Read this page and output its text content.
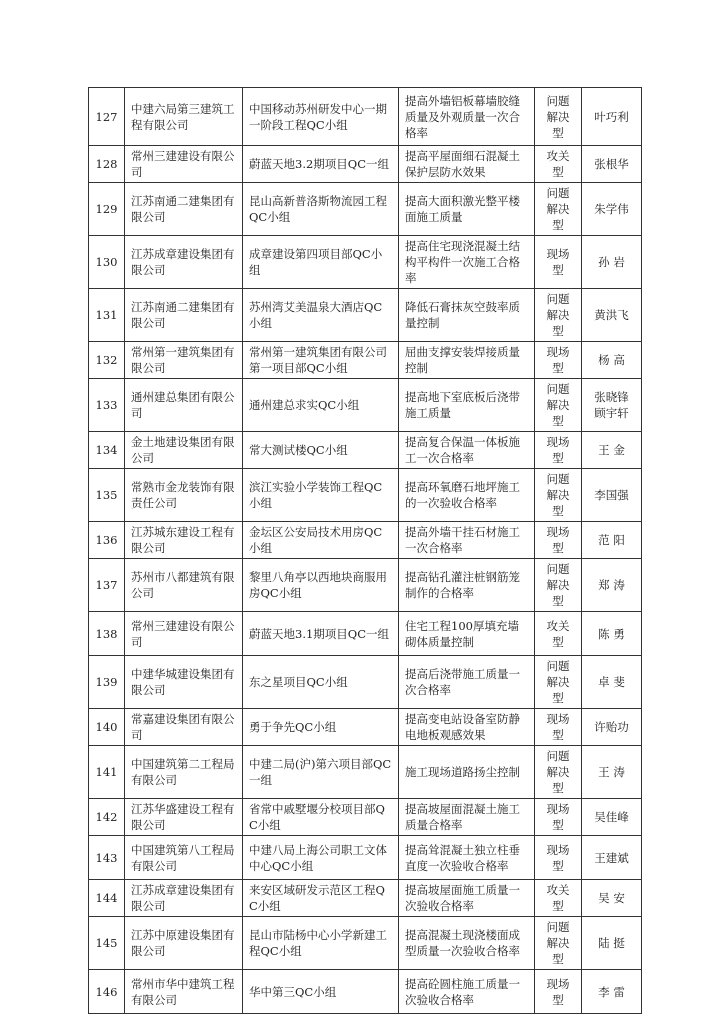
127	中建六局第三建筑工程有限公司	中国移动苏州研发中心一期一阶段工程QC小组	提高外墙铝板幕墙胶缝质量及外观质量一次合格率	问题解决型	叶巧利
128	常州三建建设有限公司	蔚蓝天地3.2期项目QC一组	提高平屋面细石混凝土保护层防水效果	攻关型	张根华
129	江苏南通二建集团有限公司	昆山高新普洛斯物流园工程QC小组	提高大面积激光整平楼面施工质量	问题解决型	朱学伟
130	江苏成章建设集团有限公司	成章建设第四项目部QC小组	提高住宅现浇混凝土结构平构件一次施工合格率	现场型	孙 岩
131	江苏南通二建集团有限公司	苏州湾艾美温泉大酒店QC小组	降低石膏抹灰空鼓率质量控制	问题解决型	黄洪飞
132	常州第一建筑集团有限公司	常州第一建筑集团有限公司第一项目部QC小组	屈曲支撑安装焊接质量控制	现场型	杨 高
133	通州建总集团有限公司	通州建总求实QC小组	提高地下室底板后浇带施工质量	问题解决型	张晓锋
顾宇轩
134	金土地建设集团有限公司	常大测试楼QC小组	提高复合保温一体板施工一次合格率	现场型	王 金
135	常熟市金龙装饰有限责任公司	滨江实验小学装饰工程QC小组	提高环氧磨石地坪施工的一次验收合格率	问题解决型	李国强
136	江苏城东建设工程有限公司	金坛区公安局技术用房QC小组	提高外墙干挂石材施工一次合格率	现场型	范 阳
137	苏州市八都建筑有限公司	黎里八角亭以西地块商服用房QC小组	提高钻孔灌注桩钢筋笼制作的合格率	问题解决型	郑 涛
138	常州三建建设有限公司	蔚蓝天地3.1期项目QC一组	住宅工程100厚填充墙砌体质量控制	攻关型	陈 勇
139	中建华城建设集团有限公司	东之星项目QC小组	提高后浇带施工质量一次合格率	问题解决型	卓 斐
140	常嘉建设集团有限公司	勇于争先QC小组	提高变电站设备室防静电地板观感效果	现场型	许贻功
141	中国建筑第二工程局有限公司	中建二局(沪)第六项目部QC一组	施工现场道路扬尘控制	问题解决型	王 涛
142	江苏华盛建设工程有限公司	省常中戚墅堰分校项目部QC小组	提高坡屋面混凝土施工质量合格率	现场型	吴佳峰
143	中国建筑第八工程局有限公司	中建八局上海公司职工文体中心QC小组	提高耸混凝土独立柱垂直度一次验收合格率	现场型	王建斌
144	江苏成章建设集团有限公司	来安区域研发示范区工程QC小组	提高坡屋面施工质量一次验收合格率	攻关型	吴 安
145	江苏中原建设集团有限公司	昆山市陆杨中心小学新建工程QC小组	提高混凝土现浇楼面成型质量一次验收合格率	问题解决型	陆 挺
146	常州市华中建筑工程有限公司	华中第三QC小组	提高砼圆柱施工质量一次验收合格率	现场型	李 雷
